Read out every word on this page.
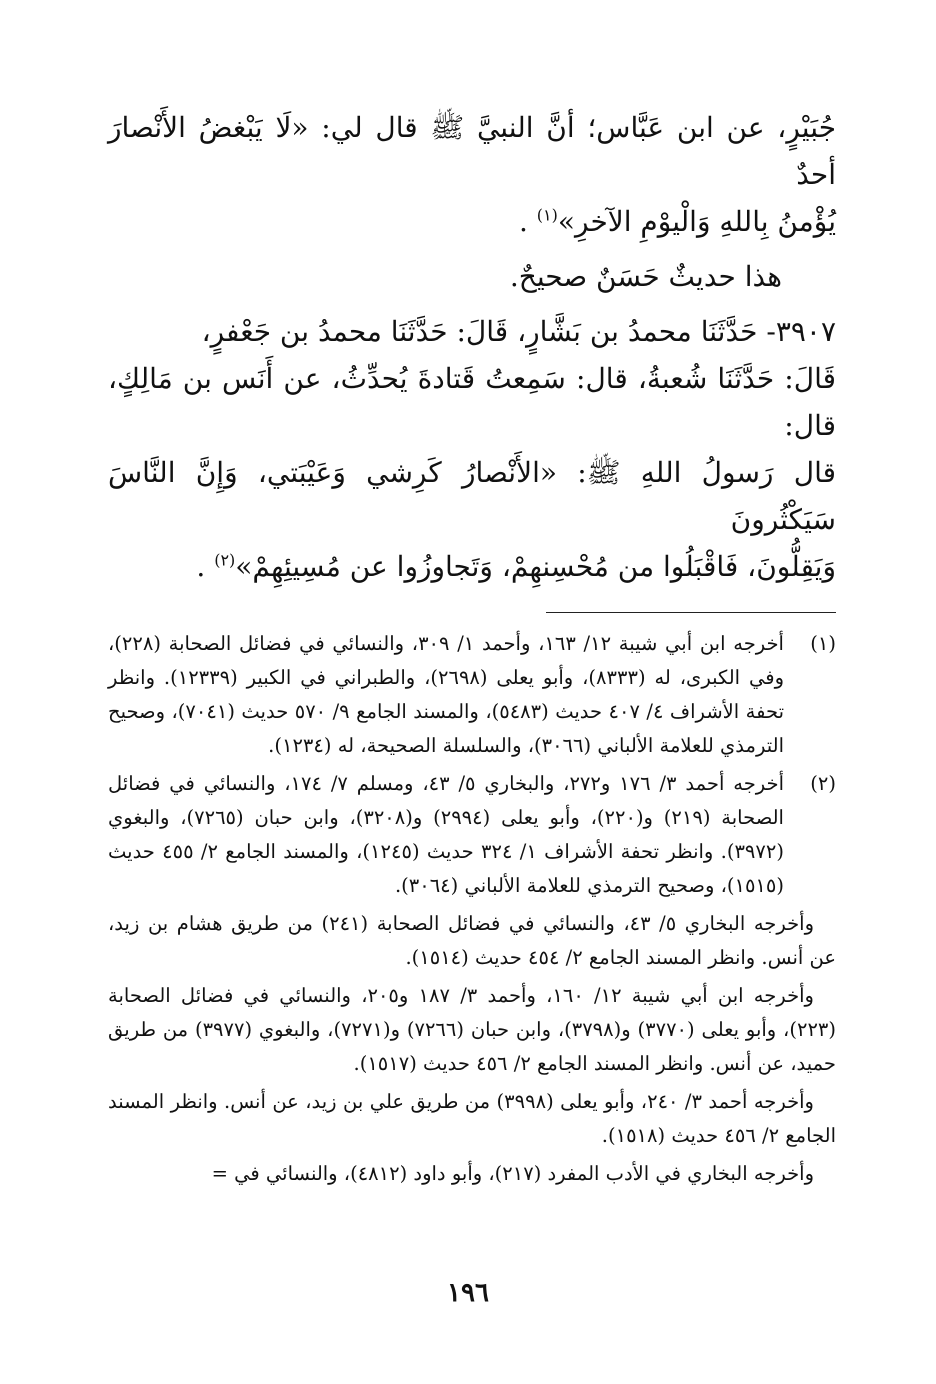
جُبَيْرٍ، عن ابن عَبَّاس؛ أنَّ النبيَّ ﷺ قال لي: «لَا يَبْغضُ الأَنْصارَ أحدٌ

يُؤْمنُ بِاللهِ وَالْيوْمِ الآخرِ»$^{(١)}$ .

هذا حديثٌ حَسَنٌ صحيحٌ.

٣٩٠٧- حَدَّثَنَا محمدُ بن بَشَّارٍ، قَالَ: حَدَّثَنَا محمدُ بن جَعْفرٍ،

قَالَ: حَدَّثَنَا شُعبةُ، قال: سَمِعتُ قَتادةَ يُحدِّثُ، عن أَنَس بن مَالِكٍ، قال:

قال رَسولُ اللهِ ﷺ: «الأَنْصارُ كَرِشي وَعَيْبَتي، وَإِنَّ النَّاسَ سَيَكْثُرونَ

وَيَقِلُّونَ، فَاقْبَلُوا من مُحْسِنهِمْ، وَتَجاوزُوا عن مُسِيئِهِمْ»$^{(٢)}$ .

(١)
أخرجه ابن أبي شيبة ١٢/ ١٦٣، وأحمد ١/ ٣٠٩، والنسائي في فضائل الصحابة (٢٢٨)، وفي الكبرى، له (٨٣٣٣)، وأبو يعلى (٢٦٩٨)، والطبراني في الكبير (١٢٣٣٩). وانظر تحفة الأشراف ٤/ ٤٠٧ حديث (٥٤٨٣)، والمسند الجامع ٩/ ٥٧٠ حديث (٧٠٤١)، وصحيح الترمذي للعلامة الألباني (٣٠٦٦)، والسلسلة الصحيحة، له (١٢٣٤).
(٢)
أخرجه أحمد ٣/ ١٧٦ و٢٧٢، والبخاري ٥/ ٤٣، ومسلم ٧/ ١٧٤، والنسائي في فضائل الصحابة (٢١٩) و(٢٢٠)، وأبو يعلى (٢٩٩٤) و(٣٢٠٨)، وابن حبان (٧٢٦٥)، والبغوي (٣٩٧٢). وانظر تحفة الأشراف ١/ ٣٢٤ حديث (١٢٤٥)، والمسند الجامع ٢/ ٤٥٥ حديث (١٥١٥)، وصحيح الترمذي للعلامة الألباني (٣٠٦٤).
وأخرجه البخاري ٥/ ٤٣، والنسائي في فضائل الصحابة (٢٤١) من طريق هشام بن زيد، عن أنس. وانظر المسند الجامع ٢/ ٤٥٤ حديث (١٥١٤).
وأخرجه ابن أبي شيبة ١٢/ ١٦٠، وأحمد ٣/ ١٨٧ و٢٠٥، والنسائي في فضائل الصحابة (٢٢٣)، وأبو يعلى (٣٧٧٠) و(٣٧٩٨)، وابن حبان (٧٢٦٦) و(٧٢٧١)، والبغوي (٣٩٧٧) من طريق حميد، عن أنس. وانظر المسند الجامع ٢/ ٤٥٦ حديث (١٥١٧).
وأخرجه أحمد ٣/ ٢٤٠، وأبو يعلى (٣٩٩٨) من طريق علي بن زيد، عن أنس. وانظر المسند الجامع ٢/ ٤٥٦ حديث (١٥١٨).
وأخرجه البخاري في الأدب المفرد (٢١٧)، وأبو داود (٤٨١٢)، والنسائي في =
١٩٦
